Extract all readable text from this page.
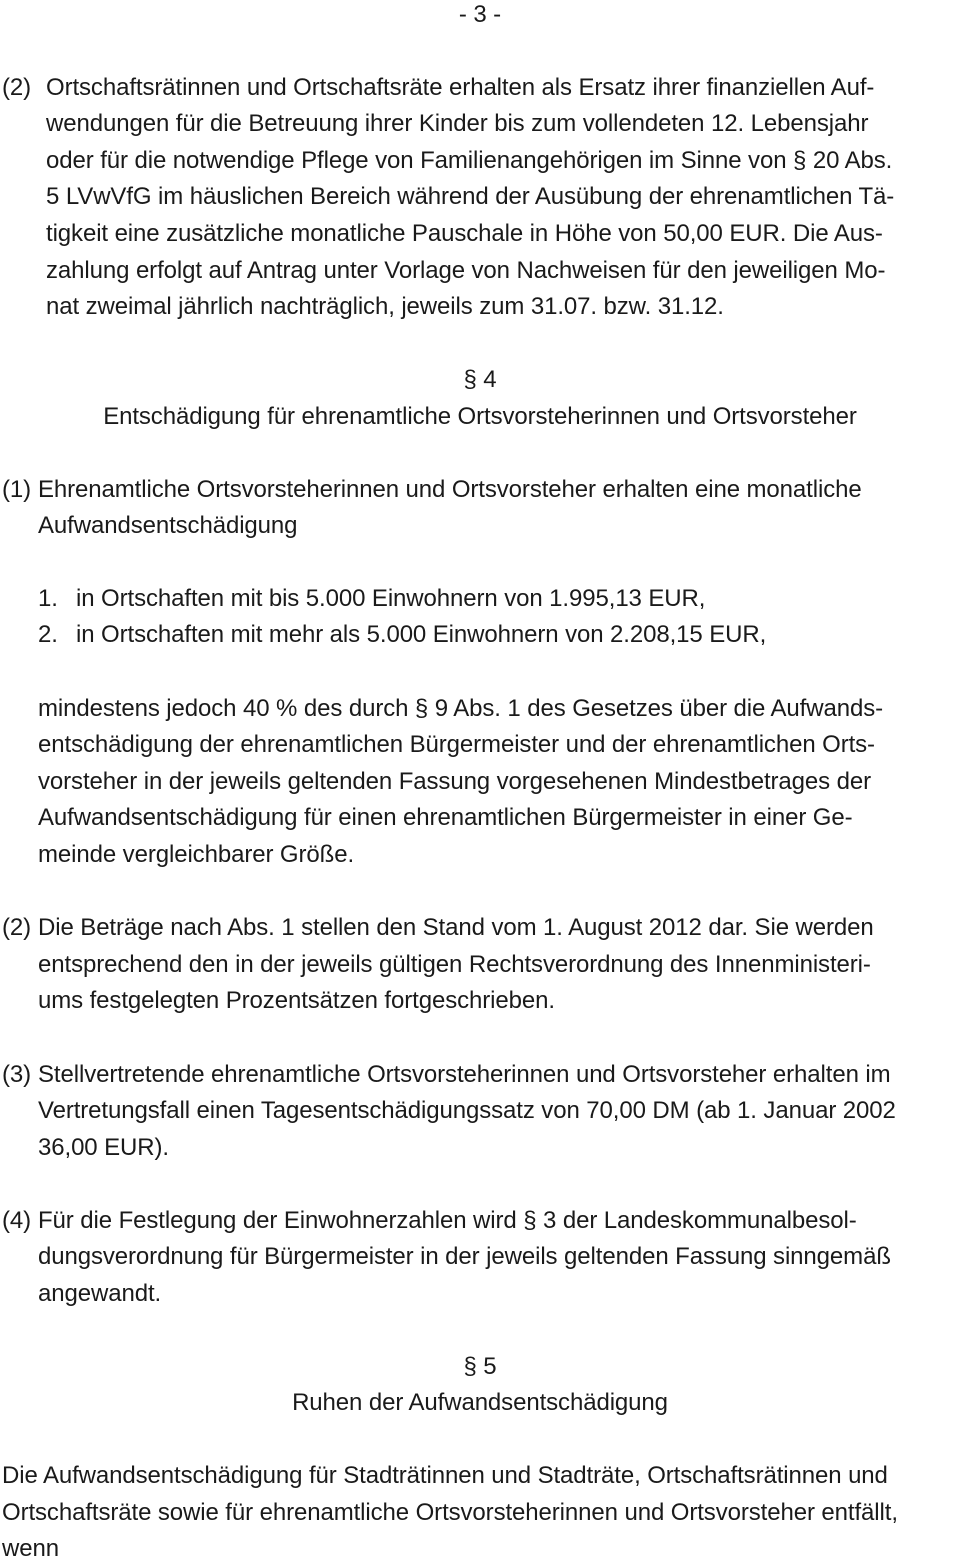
- 3 -
(2) Ortschaftsrätinnen und Ortschaftsräte erhalten als Ersatz ihrer finanziellen Auf-
wendungen für die Betreuung ihrer Kinder bis zum vollendeten 12. Lebensjahr
oder für die notwendige Pflege von Familienangehörigen im Sinne von § 20 Abs.
5 LVwVfG im häuslichen Bereich während der Ausübung der ehrenamtlichen Tä-
tigkeit eine zusätzliche monatliche Pauschale in Höhe von 50,00 EUR. Die Aus-
zahlung erfolgt auf Antrag unter Vorlage von Nachweisen für den jeweiligen Mo-
nat zweimal jährlich nachträglich, jeweils zum 31.07. bzw. 31.12.
§ 4
Entschädigung für ehrenamtliche Ortsvorsteherinnen und Ortsvorsteher
(1) Ehrenamtliche Ortsvorsteherinnen und Ortsvorsteher erhalten eine monatliche
Aufwandsentschädigung
1. in Ortschaften mit bis 5.000 Einwohnern von 1.995,13 EUR,
2. in Ortschaften mit mehr als 5.000 Einwohnern von 2.208,15 EUR,
mindestens jedoch 40 % des durch § 9 Abs. 1 des Gesetzes über die Aufwands-
entschädigung der ehrenamtlichen Bürgermeister und der ehrenamtlichen Orts-
vorsteher in der jeweils geltenden Fassung vorgesehenen Mindestbetrages der
Aufwandsentschädigung für einen ehrenamtlichen Bürgermeister in einer Ge-
meinde vergleichbarer Größe.
(2) Die Beträge nach Abs. 1 stellen den Stand vom 1. August 2012 dar. Sie werden
entsprechend den in der jeweils gültigen Rechtsverordnung des Innenministeri-
ums festgelegten Prozentsätzen fortgeschrieben.
(3) Stellvertretende ehrenamtliche Ortsvorsteherinnen und Ortsvorsteher erhalten im
Vertretungsfall einen Tagesentschädigungssatz von 70,00 DM (ab 1. Januar 2002
36,00 EUR).
(4) Für die Festlegung der Einwohnerzahlen wird § 3 der Landeskommunalbesol-
dungsverordnung für Bürgermeister in der jeweils geltenden Fassung sinngemäß
angewandt.
§ 5
Ruhen der Aufwandsentschädigung
Die Aufwandsentschädigung für Stadträtinnen und Stadträte, Ortschaftsrätinnen und
Ortschaftsräte sowie für ehrenamtliche Ortsvorsteherinnen und Ortsvorsteher entfällt,
wenn
